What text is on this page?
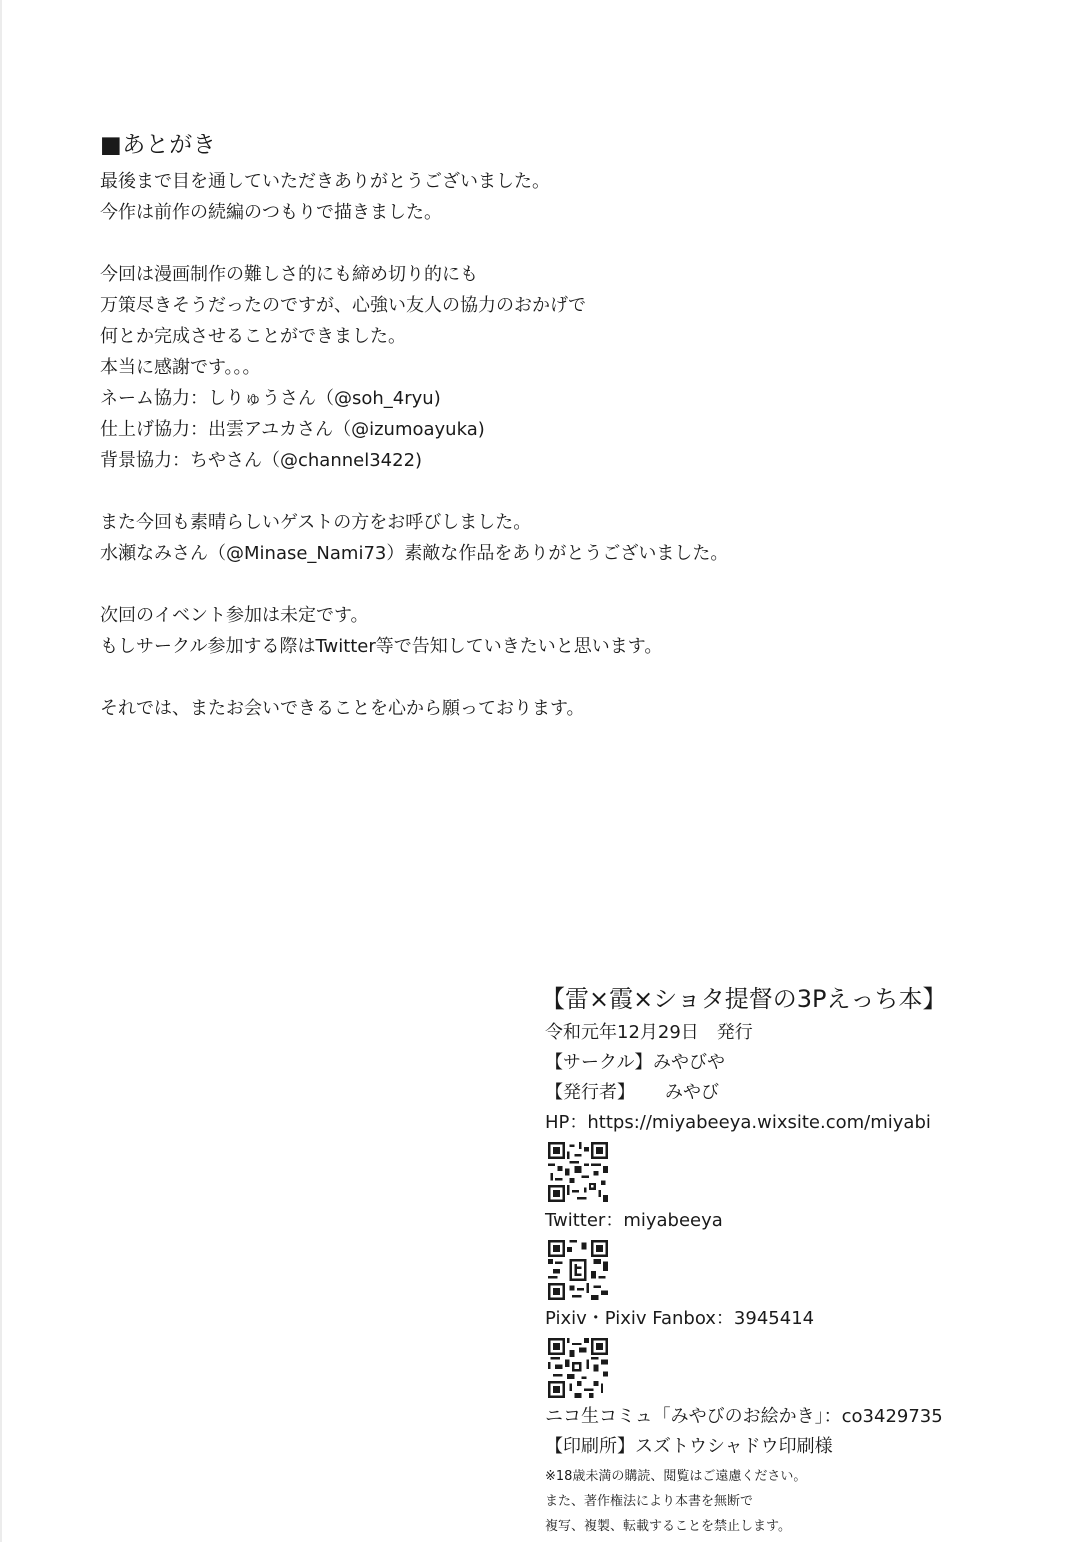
■あとがき

最後まで目を通していただきありがとうございました。

今作は前作の続編のつもりで描きました。

今回は漫画制作の難しさ的にも締め切り的にも

万策尽きそうだったのですが、心強い友人の協力のおかげで

何とか完成させることができました。

本当に感謝です。。。

ネーム協力：しりゅうさん（@soh_4ryu)

仕上げ協力：出雲アユカさん（@izumoayuka)

背景協力：ちやさん（@channel3422)

また今回も素晴らしいゲストの方をお呼びしました。

水瀬なみさん（@Minase_Nami73）素敵な作品をありがとうございました。

次回のイベント参加は未定です。

もしサークル参加する際はTwitter等で告知していきたいと思います。

それでは、またお会いできることを心から願っております。

【雷×霞×ショタ提督の3Pえっち本】

令和元年12月29日　発行

【サークル】 みやびや

【発行者】	みやび

HP：https://miyabeeya.wixsite.com/miyabi

Twitter：miyabeeya

Pixiv・Pixiv Fanbox：3945414

ニコ生コミュ「みやびのお絵かき」：co3429735

【印刷所】スズトウシャドウ印刷様

※18歳未満の購読、閲覧はご遠慮ください。

また、著作権法により本書を無断で

複写、複製、転載することを禁止します。
